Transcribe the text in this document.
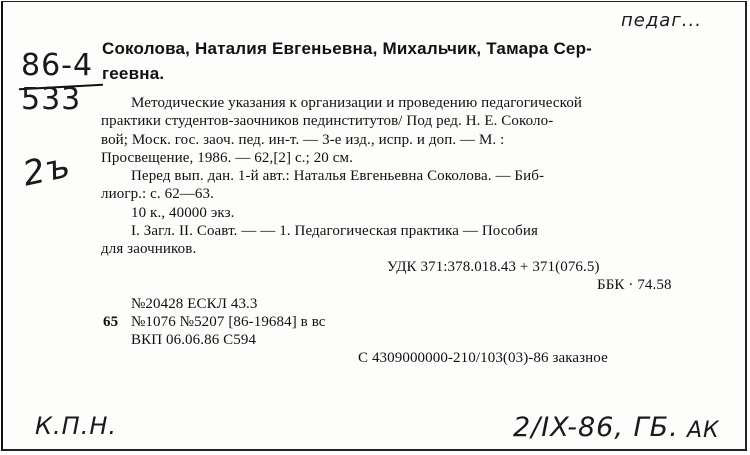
педаг...
86-4
533
2ъ
К.П.Н.	2/IX-86, ГБ. АК
Соколова, Наталия Евгеньевна, Михальчик, Тамара Сер-
геевна.
Методические указания к организации и проведению педагогической
практики студентов-заочников пединститутов/ Под ред. Н. Е. Соколо-
вой; Моск. гос. заоч. пед. ин-т. — 3-е изд., испр. и доп. — М. :
Просвещение, 1986. — 62,[2] с.; 20 см.
Перед вып. дан. 1-й авт.: Наталья Евгеньевна Соколова. — Биб-
лиогр.: с. 62—63.
10 к., 40000 экз.
I. Загл. II. Соавт. — — 1. Педагогическая практика — Пособия
для заочников.
УДК 371:378.018.43 + 371(076.5)
ББК · 74.58
№20428 ЕСКЛ 43.3
65 №1076 №5207 [86-19684] в вс
ВКП 06.06.86 С594
С 4309000000-210/103(03)-86 заказное
